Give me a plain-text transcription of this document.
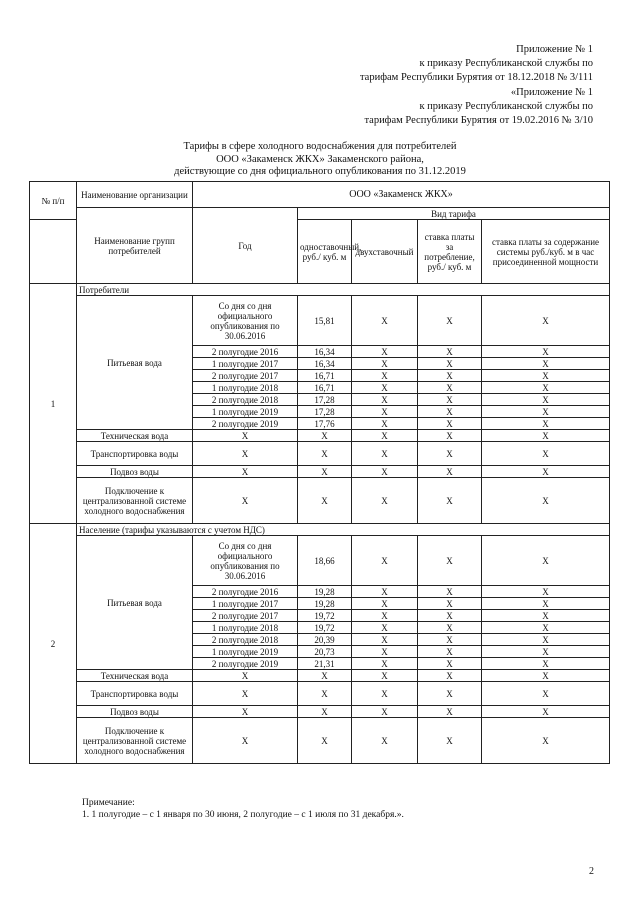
Приложение № 1
к приказу Республиканской службы по
тарифам Республики Бурятия от 18.12.2018 № 3/111
«Приложение № 1
к приказу Республиканской службы по
тарифам Республики Бурятия от 19.02.2016 № 3/10
Тарифы в сфере холодного водоснабжения для потребителей
ООО «Закаменск ЖКХ» Закаменского района,
действующие со дня официального опубликования по 31.12.2019
№ п/п	Наименование организации	ООО «Закаменск ЖКХ»				
	Наименование групп потребителей	Год	Вид тарифа			
			одноставочный, руб./ куб. м	двухставочный	ставка платы за потребление, руб./ куб. м	ставка платы за содержание системы руб./куб. м в час присоединенной мощности
1	Потребители					
	Питьевая вода	Со дня со дня официального опубликования по 30.06.2016	15,81	X	X	X
		2 полугодие 2016	16,34	X	X	X
		1 полугодие 2017	16,34	X	X	X
		2 полугодие 2017	16,71	X	X	X
		1 полугодие 2018	16,71	X	X	X
		2 полугодие 2018	17,28	X	X	X
		1 полугодие 2019	17,28	X	X	X
		2 полугодие 2019	17,76	X	X	X
	Техническая вода	X	X	X	X	X
	Транспортировка воды	X	X	X	X	X
	Подвоз воды	X	X	X	X	X
	Подключение к централизованной системе холодного водоснабжения	X	X	X	X	X
2	Население (тарифы указываются с учетом НДС)					
	Питьевая вода	Со дня со дня официального опубликования по 30.06.2016	18,66	X	X	X
		2 полугодие 2016	19,28	X	X	X
		1 полугодие 2017	19,28	X	X	X
		2 полугодие 2017	19,72	X	X	X
		1 полугодие 2018	19,72	X	X	X
		2 полугодие 2018	20,39	X	X	X
		1 полугодие 2019	20,73	X	X	X
		2 полугодие 2019	21,31	X	X	X
	Техническая вода	X	X	X	X	X
	Транспортировка воды	X	X	X	X	X
	Подвоз воды	X	X	X	X	X
	Подключение к централизованной системе холодного водоснабжения	X	X	X	X	X
Примечание:
1. 1 полугодие – с 1 января по 30 июня, 2 полугодие – с 1 июля по 31 декабря.».
2
